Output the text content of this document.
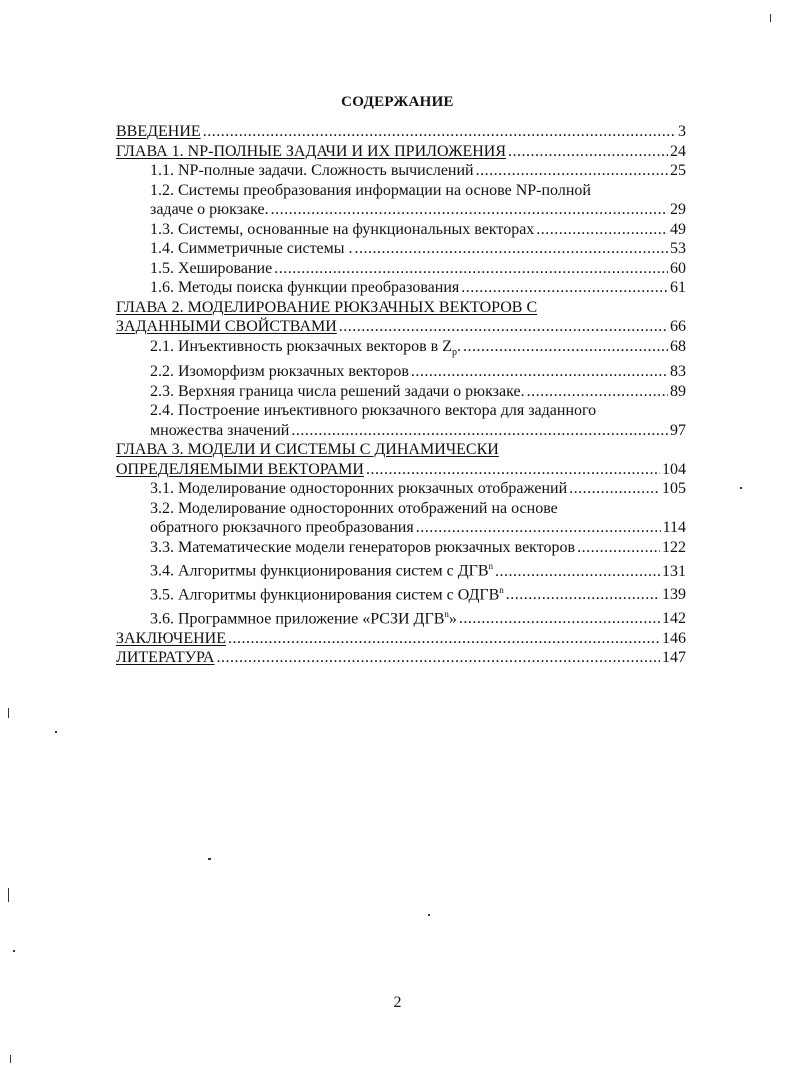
СОДЕРЖАНИЕ
ВВЕДЕНИЕ .....	3
ГЛАВА 1. NP-ПОЛНЫЕ ЗАДАЧИ И ИХ ПРИЛОЖЕНИЯ .....	24
1.1. NP-полные задачи. Сложность вычислений .....	25
1.2. Системы преобразования информации на основе NP-полной
задаче о рюкзаке. .....	29
1.3. Системы, основанные на функциональных векторах .....	49
1.4. Симметричные системы . .....	53
1.5. Хеширование .....	60
1.6. Методы поиска функции преобразования .....	61
ГЛАВА 2. МОДЕЛИРОВАНИЕ РЮКЗАЧНЫХ ВЕКТОРОВ С
ЗАДАННЫМИ СВОЙСТВАМИ .....	66
2.1. Инъективность рюкзачных векторов в $Z_p$. .....	68
2.2. Изоморфизм рюкзачных векторов .....	83
2.3. Верхняя граница числа решений задачи о рюкзаке. .....	89
2.4. Построение инъективного рюкзачного вектора для заданного
множества значений .....	97
ГЛАВА 3. МОДЕЛИ И СИСТЕМЫ С ДИНАМИЧЕСКИ
ОПРЕДЕЛЯЕМЫМИ ВЕКТОРАМИ .....	104
3.1. Моделирование односторонних рюкзачных отображений .....	105
3.2. Моделирование односторонних отображений на основе
обратного рюкзачного преобразования .....	114
3.3. Математические модели генераторов рюкзачных векторов .....	122
3.4. Алгоритмы функционирования систем с ДГВ$^n$ .....	131
3.5. Алгоритмы функционирования систем с ОДГВ$^n$ .....	139
3.6. Программное приложение «РСЗИ ДГВ$^n$» .....	142
ЗАКЛЮЧЕНИЕ .....	146
ЛИТЕРАТУРА .....	147
2
